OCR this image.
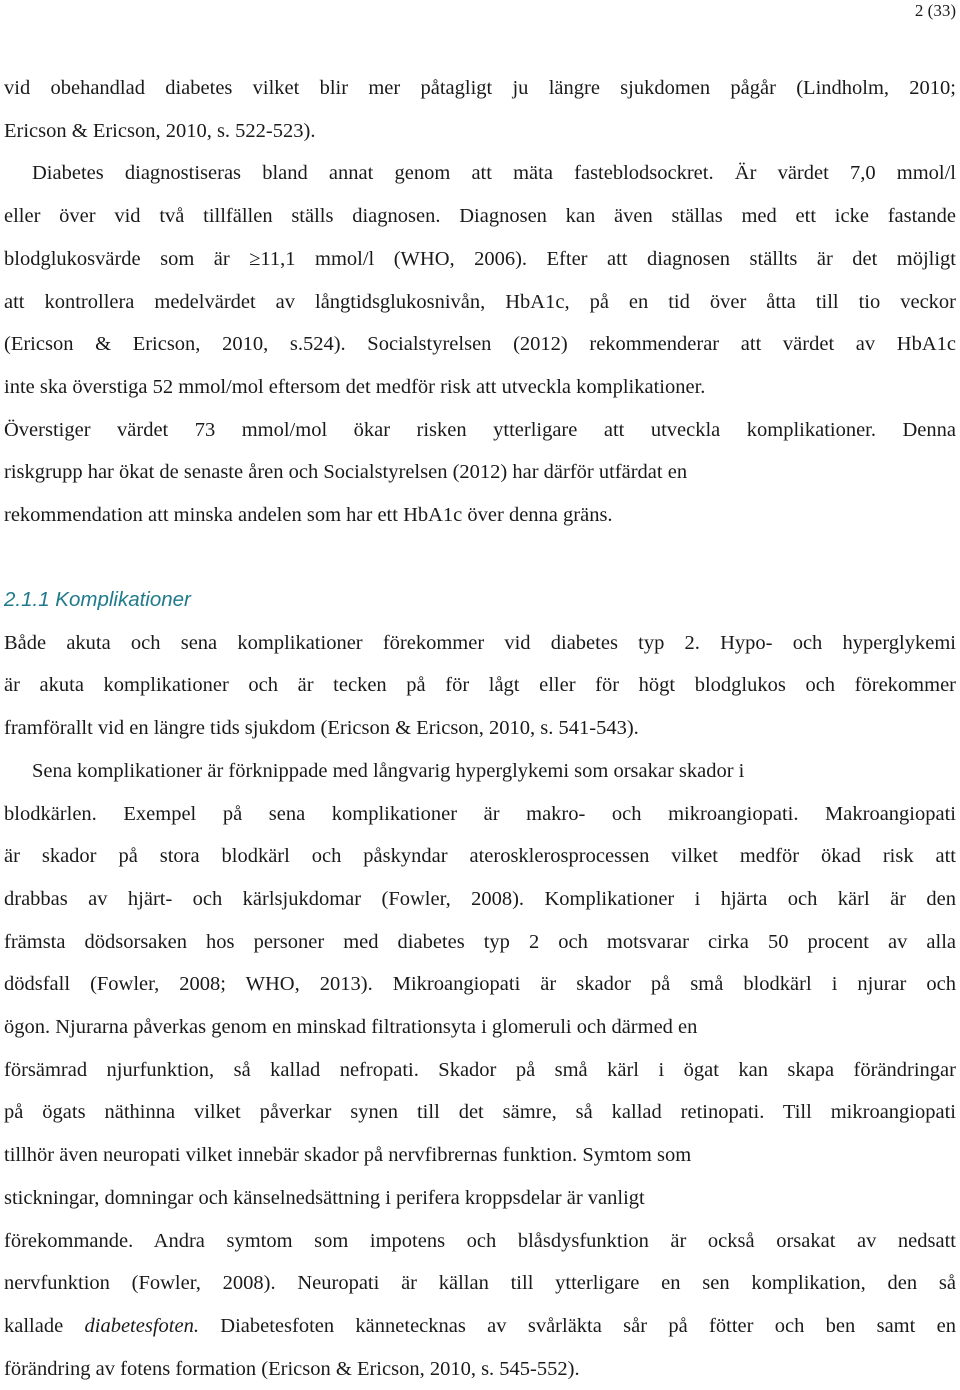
2 (33)
vid obehandlad diabetes vilket blir mer påtagligt ju längre sjukdomen pågår (Lindholm, 2010;
Ericson & Ericson, 2010, s. 522-523).
Diabetes diagnostiseras bland annat genom att mäta fasteblodsockret. Är värdet 7,0 mmol/l
eller över vid två tillfällen ställs diagnosen. Diagnosen kan även ställas med ett icke fastande
blodglukosvärde som är ≥11,1 mmol/l (WHO, 2006). Efter att diagnosen ställts är det möjligt
att kontrollera medelvärdet av långtidsglukosnivån, HbA1c, på en tid över åtta till tio veckor
(Ericson & Ericson, 2010, s.524). Socialstyrelsen (2012) rekommenderar att värdet av HbA1c
inte ska överstiga 52 mmol/mol eftersom det medför risk att utveckla komplikationer.
Överstiger värdet 73 mmol/mol ökar risken ytterligare att utveckla komplikationer. Denna
riskgrupp har ökat de senaste åren och Socialstyrelsen (2012) har därför utfärdat en
rekommendation att minska andelen som har ett HbA1c över denna gräns.
2.1.1 Komplikationer
Både akuta och sena komplikationer förekommer vid diabetes typ 2. Hypo- och hyperglykemi
är akuta komplikationer och är tecken på för lågt eller för högt blodglukos och förekommer
framförallt vid en längre tids sjukdom (Ericson & Ericson, 2010, s. 541-543).
Sena komplikationer är förknippade med långvarig hyperglykemi som orsakar skador i
blodkärlen. Exempel på sena komplikationer är makro- och mikroangiopati. Makroangiopati
är skador på stora blodkärl och påskyndar aterosklerosprocessen vilket medför ökad risk att
drabbas av hjärt- och kärlsjukdomar (Fowler, 2008). Komplikationer i hjärta och kärl är den
främsta dödsorsaken hos personer med diabetes typ 2 och motsvarar cirka 50 procent av alla
dödsfall (Fowler, 2008; WHO, 2013). Mikroangiopati är skador på små blodkärl i njurar och
ögon. Njurarna påverkas genom en minskad filtrationsyta i glomeruli och därmed en
försämrad njurfunktion, så kallad nefropati. Skador på små kärl i ögat kan skapa förändringar
på ögats näthinna vilket påverkar synen till det sämre, så kallad retinopati. Till mikroangiopati
tillhör även neuropati vilket innebär skador på nervfibrernas funktion. Symtom som
stickningar, domningar och känselnedsättning i perifera kroppsdelar är vanligt
förekommande. Andra symtom som impotens och blåsdysfunktion är också orsakat av nedsatt
nervfunktion (Fowler, 2008). Neuropati är källan till ytterligare en sen komplikation, den så
kallade diabetesfoten. Diabetesfoten kännetecknas av svårläkta sår på fötter och ben samt en
förändring av fotens formation (Ericson & Ericson, 2010, s. 545-552).
